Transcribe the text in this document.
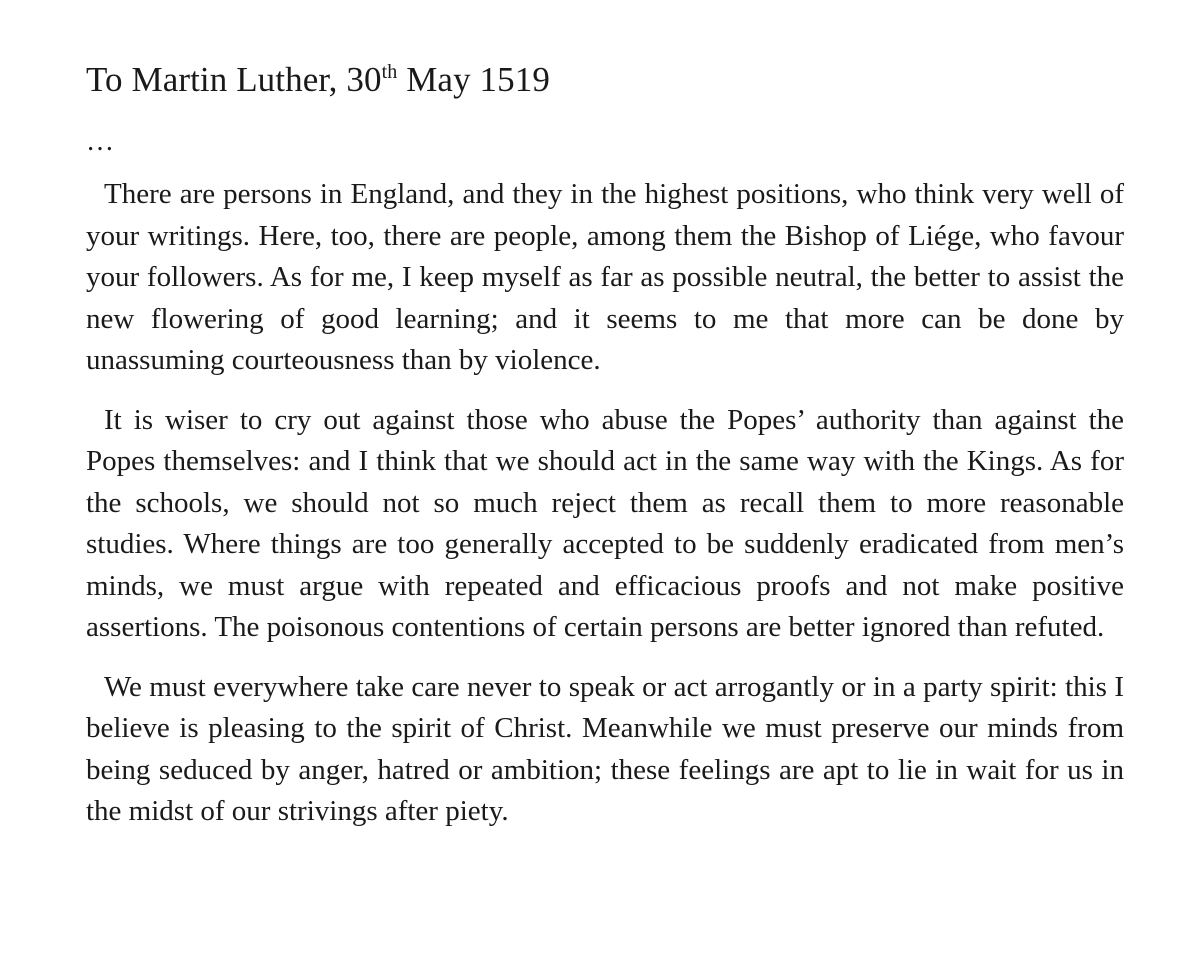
To Martin Luther, 30th May 1519

…

There are persons in England, and they in the highest positions, who think very well of your writings. Here, too, there are people, among them the Bishop of Liége, who favour your followers. As for me, I keep myself as far as possible neutral, the better to assist the new flowering of good learning; and it seems to me that more can be done by unassuming courteousness than by violence.

It is wiser to cry out against those who abuse the Popes’ authority than against the Popes themselves: and I think that we should act in the same way with the Kings. As for the schools, we should not so much reject them as recall them to more reasonable studies. Where things are too generally accepted to be suddenly eradicated from men’s minds, we must argue with repeated and efficacious proofs and not make positive assertions. The poisonous contentions of certain persons are better ignored than refuted.

We must everywhere take care never to speak or act arrogantly or in a party spirit: this I believe is pleasing to the spirit of Christ. Meanwhile we must preserve our minds from being seduced by anger, hatred or ambition; these feelings are apt to lie in wait for us in the midst of our strivings after piety.
